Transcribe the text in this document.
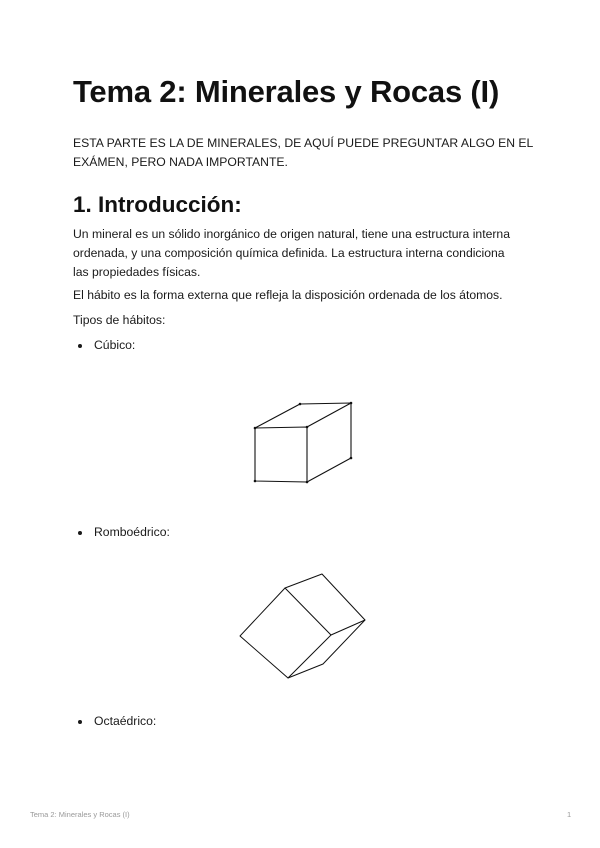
Tema 2: Minerales y Rocas (I)

ESTA PARTE ES LA DE MINERALES, DE AQUÍ PUEDE PREGUNTAR ALGO EN EL EXÁMEN, PERO NADA IMPORTANTE.

1. Introducción:

Un mineral es un sólido inorgánico de origen natural, tiene una estructura interna ordenada, y una composición química definida. La estructura interna condiciona las propiedades físicas.

El hábito es la forma externa que refleja la disposición ordenada de los átomos.

Tipos de hábitos:

Cúbico:
Romboédrico:
Octaédrico:
Tema 2: Minerales y Rocas (I)	1
